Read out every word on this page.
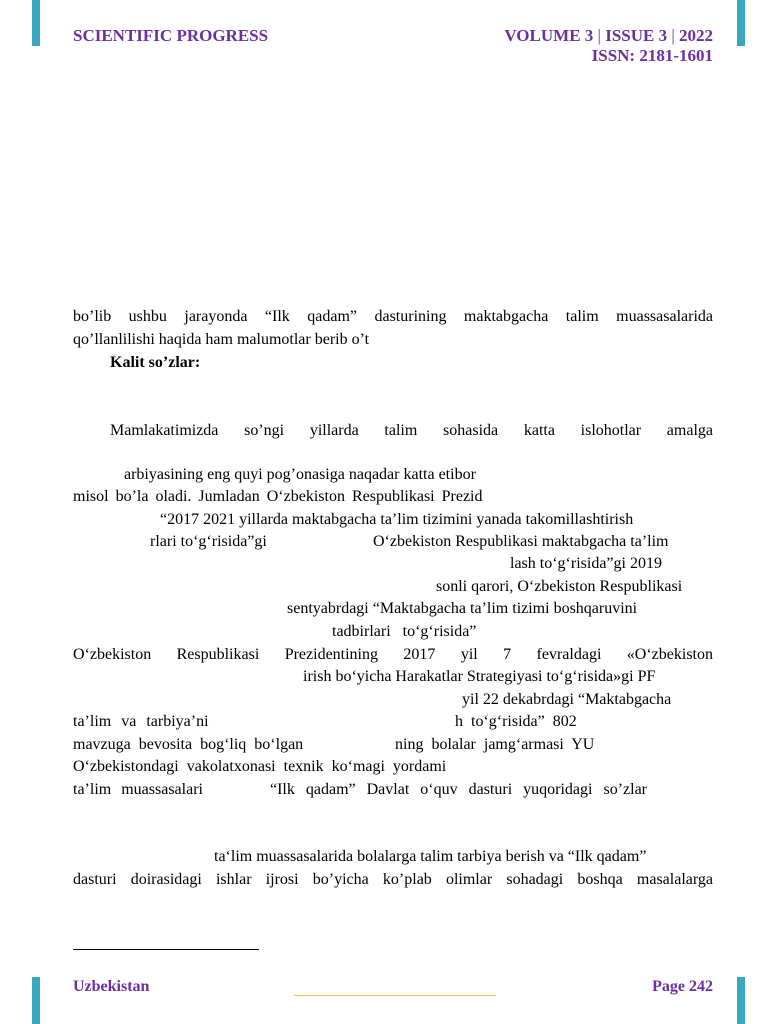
SCIENTIFIC PROGRESS	VOLUME 3 | ISSUE 3 | 2022
ISSN: 2181-1601
bo’lib ushbu jarayonda “Ilk qadam” dasturining maktabgacha talim muassasalarida
qo’llanlilishi haqida ham malumotlar berib o’t
Kalit so’zlar:
Mamlakatimizda so’ngi yillarda talim sohasida katta islohotlar amalga
arbiyasining eng quyi pog’onasiga naqadar katta etibor
misol bo’la oladi. Jumladan O‘zbekiston Respublikasi Prezid
“2017 2021 yillarda maktabgacha ta’lim tizimini yanada takomillashtirish
rlari to‘g‘risida”gi	O‘zbekiston Respublikasi maktabgacha ta’lim
lash to‘g‘risida”gi 2019
sonli qarori, O‘zbekiston Respublikasi
sentyabrdagi “Maktabgacha ta’lim tizimi boshqaruvini
tadbirlari to‘g‘risida”
O‘zbekiston Respublikasi Prezidentining 2017 yil 7 fevraldagi «O‘zbekiston
irish bo‘yicha Harakatlar Strategiyasi to‘g‘risida»gi PF
yil 22 dekabrdagi “Maktabgacha
ta’lim va tarbiya’ni	h to‘g‘risida” 802
mavzuga bevosita bog‘liq bo‘lgan	ning bolalar jamg‘armasi YU
O‘zbekistondagi vakolatxonasi texnik ko‘magi yordami
ta’lim muassasalari	“Ilk qadam” Davlat o‘quv dasturi yuqoridagi so’zlar
ta‘lim muassasalarida bolalarga talim tarbiya berish va “Ilk qadam”
dasturi doirasidagi ishlar ijrosi bo’yicha ko’plab olimlar sohadagi boshqa masalalarga
Uzbekistan	Page 242
